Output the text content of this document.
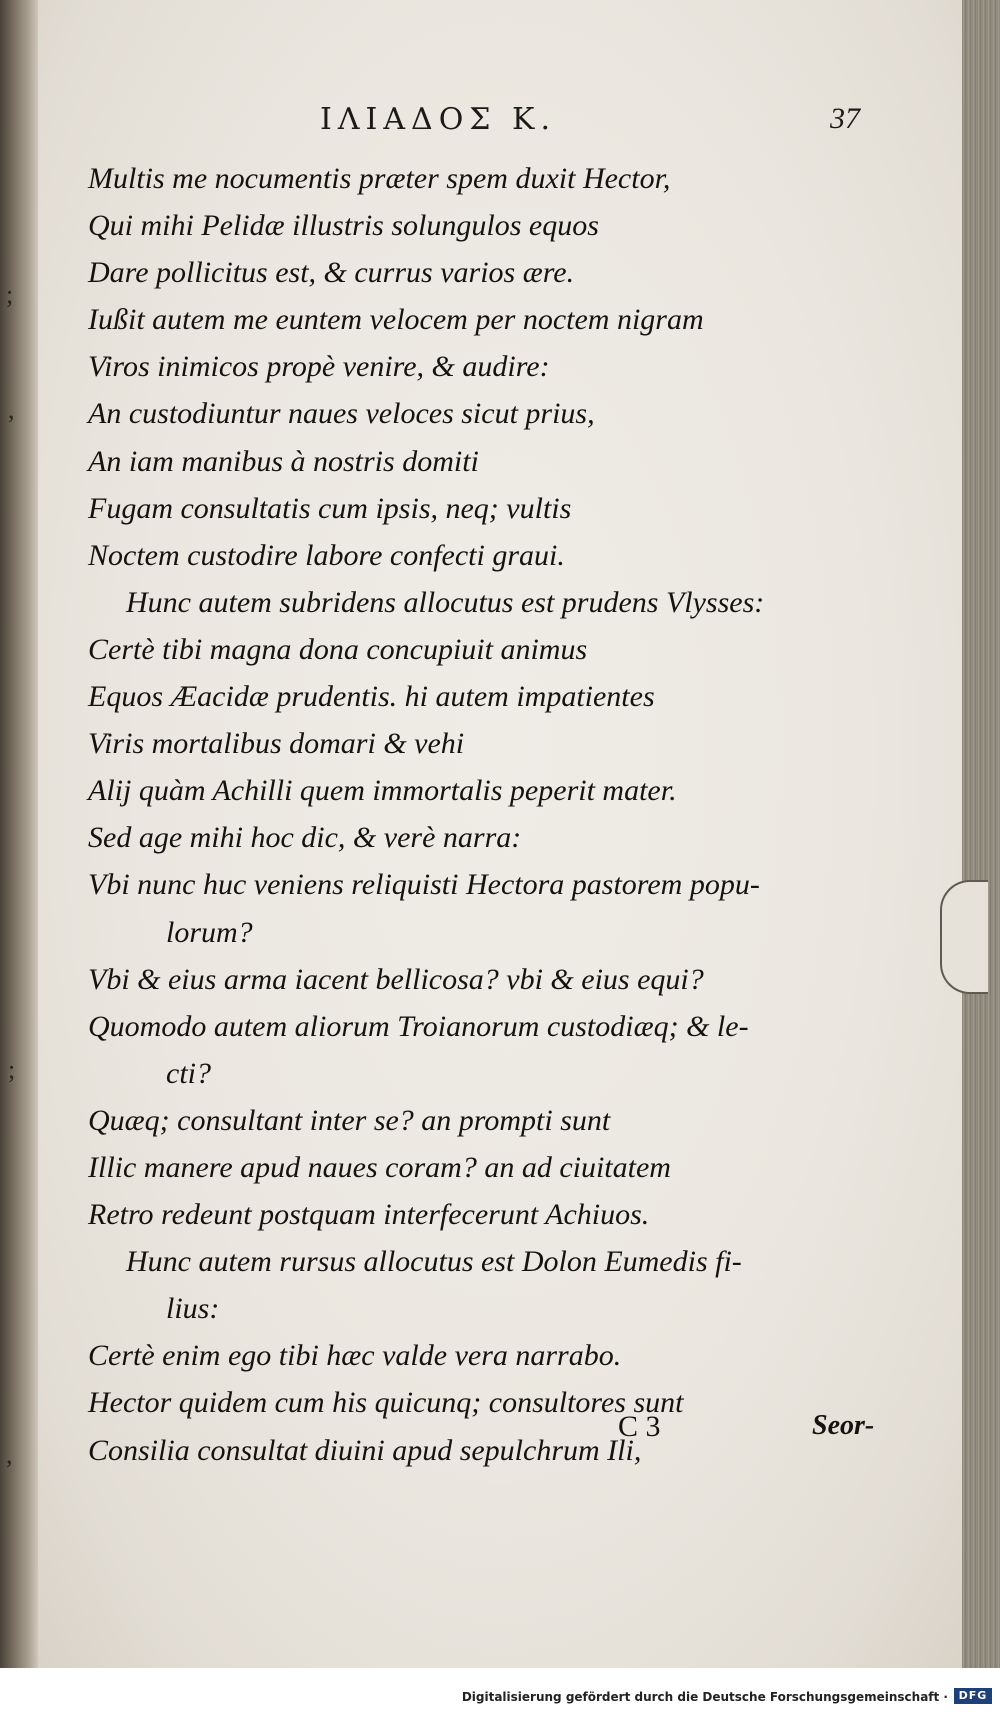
;
,
;
,
ΙΛΙΑΔΟΣ Κ.	37
Multis me nocumentis præter spem duxit Hector,
Qui mihi Pelidæ illustris solungulos equos
Dare pollicitus est, & currus varios ære.
Iußit autem me euntem velocem per noctem nigram
Viros inimicos propè venire, & audire:
An custodiuntur naues veloces sicut prius,
An iam manibus à nostris domiti
Fugam consultatis cum ipsis, neq; vultis
Noctem custodire labore confecti graui.
Hunc autem subridens allocutus est prudens Vlysses:
Certè tibi magna dona concupiuit animus
Equos Æacidæ prudentis. hi autem impatientes
Viris mortalibus domari & vehi
Alij quàm Achilli quem immortalis peperit mater.
Sed age mihi hoc dic, & verè narra:
Vbi nunc huc veniens reliquisti Hectora pastorem popu-
lorum?
Vbi & eius arma iacent bellicosa? vbi & eius equi?
Quomodo autem aliorum Troianorum custodiæq; & le-
cti?
Quæq; consultant inter se? an prompti sunt
Illic manere apud naues coram? an ad ciuitatem
Retro redeunt postquam interfecerunt Achiuos.
Hunc autem rursus allocutus est Dolon Eumedis fi-
lius:
Certè enim ego tibi hæc valde vera narrabo.
Hector quidem cum his quicunq; consultores sunt
Consilia consultat diuini apud sepulchrum Ili,
C 3	Seor-
Digitalisierung gefördert durch die Deutsche Forschungsgemeinschaft · DFG
